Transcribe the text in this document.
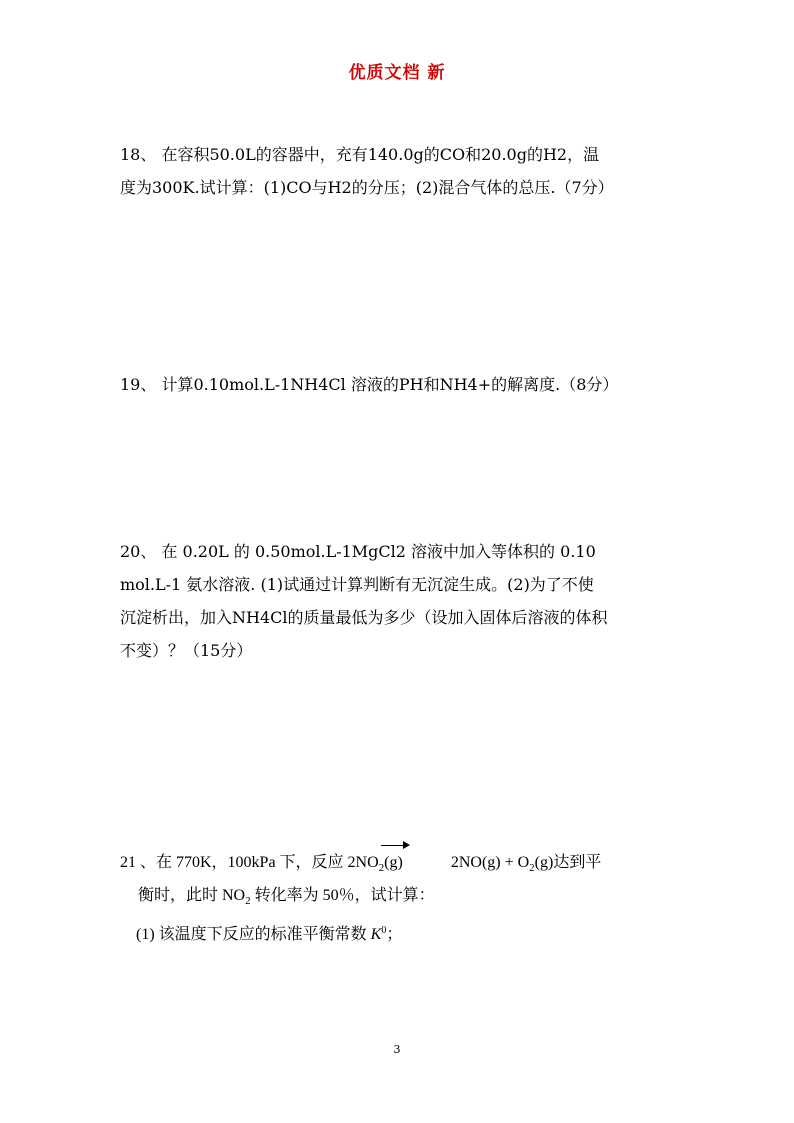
优质文档 新
18、 在容积50.0L的容器中，充有140.0g的CO和20.0g的H2，温
度为300K.试计算：(1)CO与H2的分压；(2)混合气体的总压.（7分）
19、 计算0.10mol.L-1NH4Cl 溶液的PH和NH4+的解离度.（8分）
20、 在 0.20L 的 0.50mol.L-1MgCl2 溶液中加入等体积的 0.10
mol.L-1 氨水溶液. (1)试通过计算判断有无沉淀生成。(2)为了不使
沉淀析出，加入NH4Cl的质量最低为多少（设加入固体后溶液的体积
不变）？（15分）
21 、在 770K，100kPa 下，反应 2NO
$_2$(g)	$2NO(g) + O_2(g)$达到平
衡时，此时 $NO_2$ 转化率为 50％，试计算：
(1) 该温度下反应的标准平衡常数 $K^0$；
3
